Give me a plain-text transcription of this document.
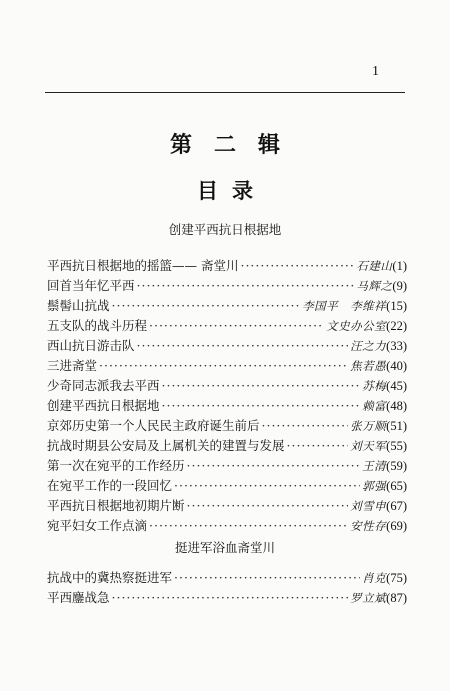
1
第二辑
目录
创建平西抗日根据地
平西抗日根据地的摇篮—— 斋堂川 ·····	石建山 (1)
回首当年忆平西 ·····	马辉之 (9)
鬃髻山抗战 ·····	李国平　李维祥 (15)
五支队的战斗历程 ·····	文史办公室 (22)
西山抗日游击队 ·····	汪之力 (33)
三进斋堂 ·····	焦若愚 (40)
少奇同志派我去平西 ·····	苏梅 (45)
创建平西抗日根据地 ·····	赖富 (48)
京郊历史第一个人民民主政府诞生前后 ·····	张万顺 (51)
抗战时期县公安局及上属机关的建置与发展 ·····	刘天军 (55)
第一次在宛平的工作经历 ·····	王清 (59)
在宛平工作的一段回忆 ·····	郭强 (65)
平西抗日根据地初期片断 ·····	刘雪申 (67)
宛平妇女工作点滴 ·····	安性存 (69)
挺进军浴血斋堂川
抗战中的冀热察挺进军 ·····	肖克 (75)
平西鏖战急 ·····	罗立斌 (87)
